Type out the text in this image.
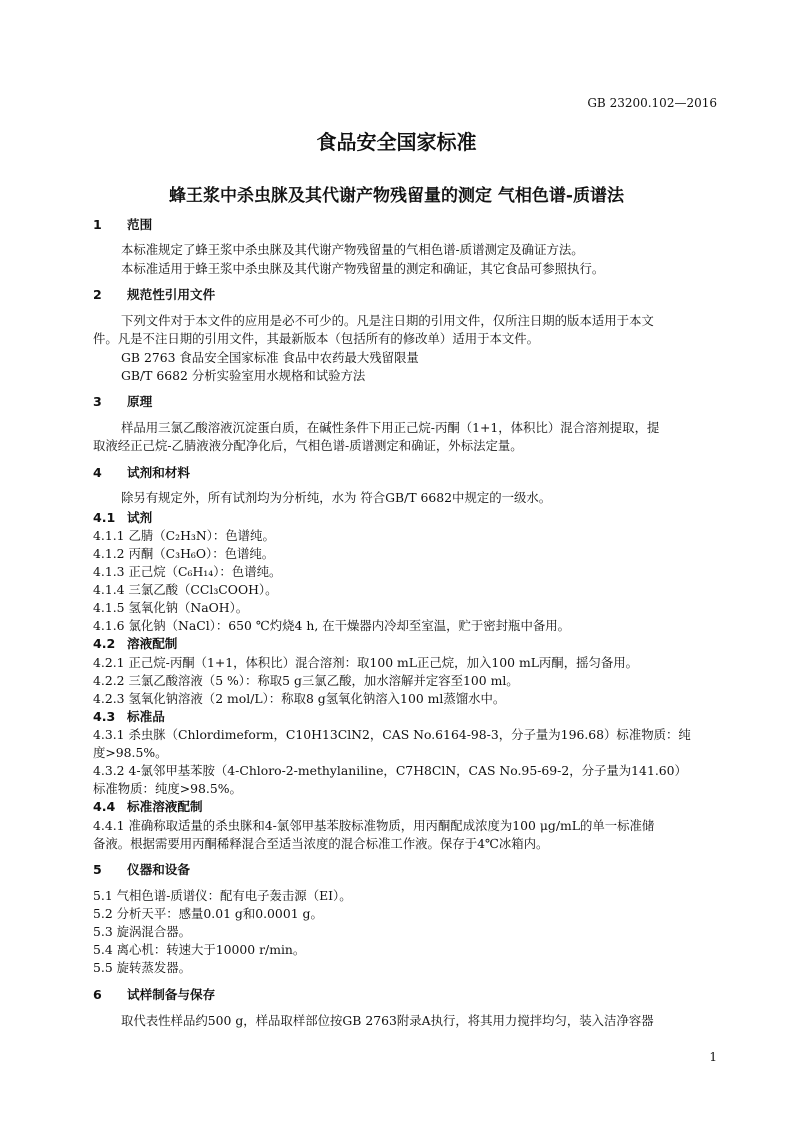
GB 23200.102—2016
食品安全国家标准
蜂王浆中杀虫脒及其代谢产物残留量的测定 气相色谱-质谱法
1 范围
本标准规定了蜂王浆中杀虫脒及其代谢产物残留量的气相色谱-质谱测定及确证方法。
本标准适用于蜂王浆中杀虫脒及其代谢产物残留量的测定和确证，其它食品可参照执行。
2 规范性引用文件
下列文件对于本文件的应用是必不可少的。凡是注日期的引用文件，仅所注日期的版本适用于本文
件。凡是不注日期的引用文件，其最新版本（包括所有的修改单）适用于本文件。
GB 2763 食品安全国家标准 食品中农药最大残留限量
GB/T 6682 分析实验室用水规格和试验方法
3 原理
样品用三氯乙酸溶液沉淀蛋白质，在碱性条件下用正己烷-丙酮（1+1，体积比）混合溶剂提取，提
取液经正己烷-乙腈液液分配净化后，气相色谱-质谱测定和确证，外标法定量。
4 试剂和材料
除另有规定外，所有试剂均为分析纯，水为 符合GB/T 6682中规定的一级水。
4.1 试剂
4.1.1 乙腈（C₂H₃N）：色谱纯。
4.1.2 丙酮（C₃H₆O）：色谱纯。
4.1.3 正己烷（C₆H₁₄）：色谱纯。
4.1.4 三氯乙酸（CCl₃COOH）。
4.1.5 氢氧化钠（NaOH）。
4.1.6 氯化钠（NaCl）：650 ℃灼烧4 h, 在干燥器内冷却至室温，贮于密封瓶中备用。
4.2 溶液配制
4.2.1 正己烷-丙酮（1+1，体积比）混合溶剂：取100 mL正己烷，加入100 mL丙酮，摇匀备用。
4.2.2 三氯乙酸溶液（5 %）：称取5 g三氯乙酸，加水溶解并定容至100 ml。
4.2.3 氢氧化钠溶液（2 mol/L）：称取8 g氢氧化钠溶入100 ml蒸馏水中。
4.3 标准品
4.3.1 杀虫脒（Chlordimeform，C10H13ClN2，CAS No.6164-98-3，分子量为196.68）标准物质：纯
度>98.5%。
4.3.2 4-氯邻甲基苯胺（4-Chloro-2-methylaniline，C7H8ClN，CAS No.95-69-2，分子量为141.60）
标准物质：纯度>98.5%。
4.4 标准溶液配制
4.4.1 准确称取适量的杀虫脒和4-氯邻甲基苯胺标准物质，用丙酮配成浓度为100 μg/mL的单一标准储
备液。根据需要用丙酮稀释混合至适当浓度的混合标准工作液。保存于4℃冰箱内。
5 仪器和设备
5.1 气相色谱-质谱仪：配有电子轰击源（EI）。
5.2 分析天平：感量0.01 g和0.0001 g。
5.3 旋涡混合器。
5.4 离心机：转速大于10000 r/min。
5.5 旋转蒸发器。
6 试样制备与保存
取代表性样品约500 g，样品取样部位按GB 2763附录A执行，将其用力搅拌均匀，装入洁净容器
1
